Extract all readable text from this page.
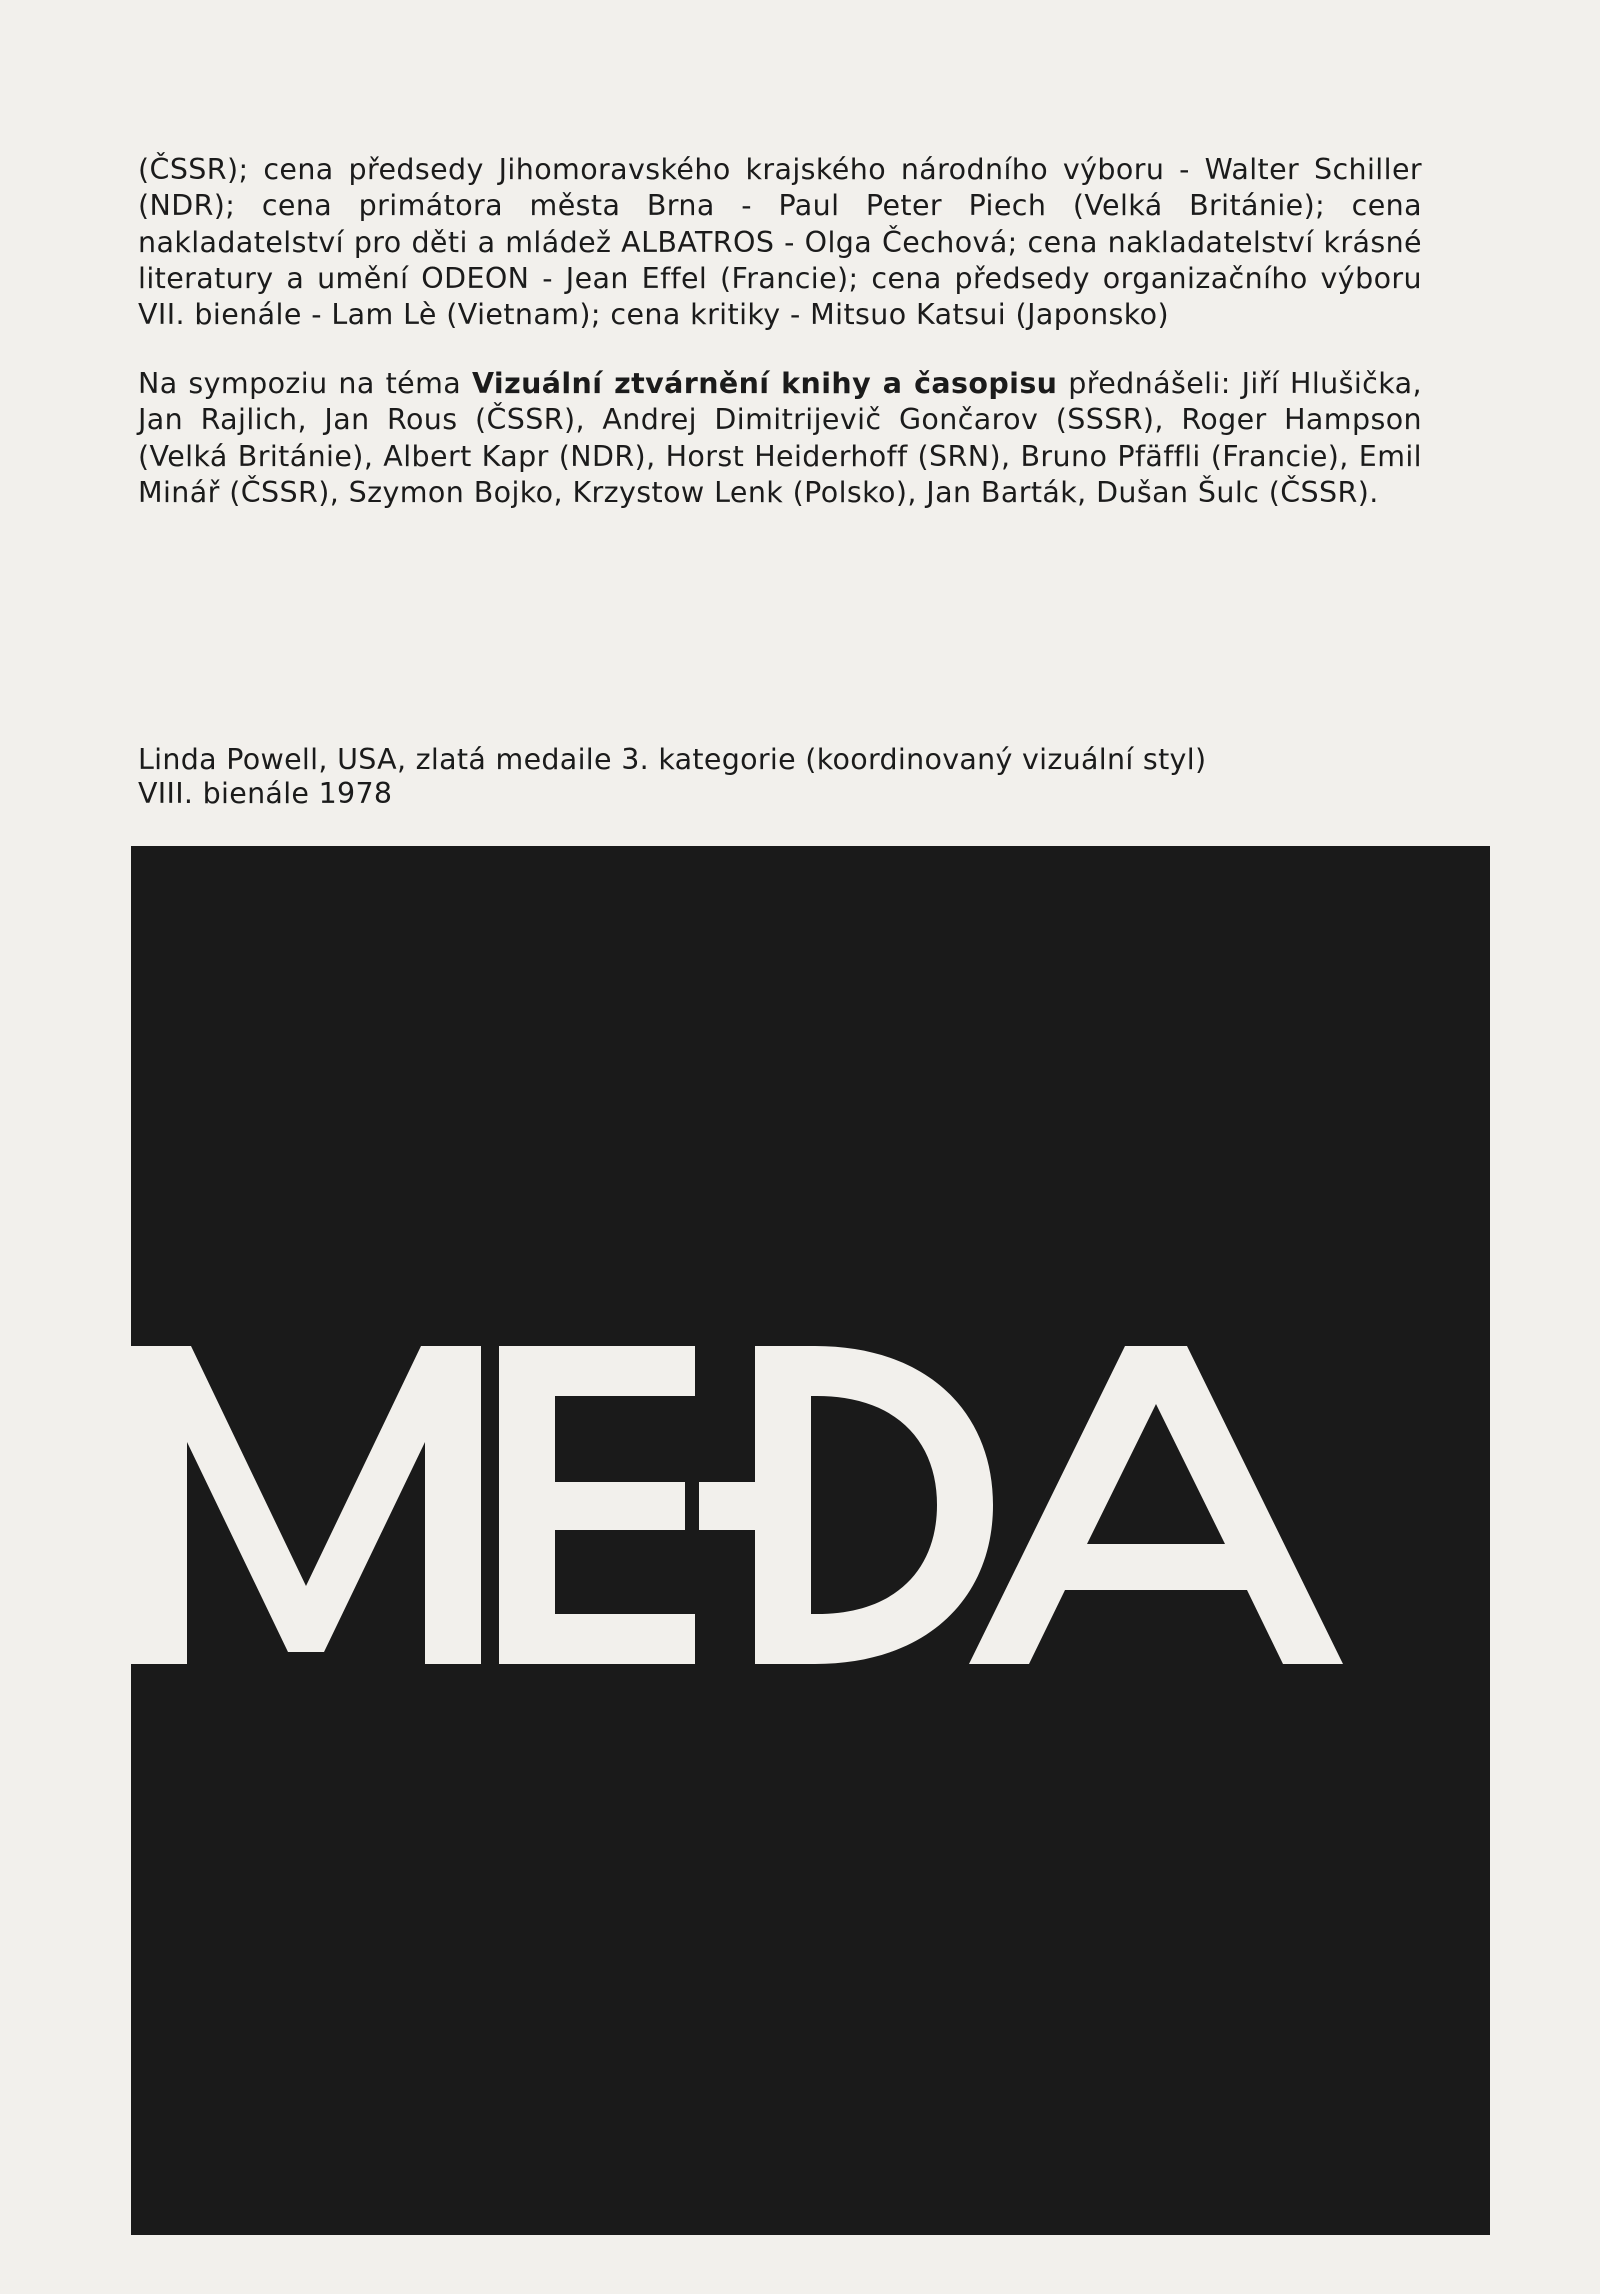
(ČSSR); cena předsedy Jihomoravského krajského národního výboru - Walter Schiller (NDR); cena primátora města Brna - Paul Peter Piech (Velká Británie); cena nakladatelství pro děti a mládež ALBATROS - Olga Čechová; cena nakladatelství krásné literatury a umění ODEON - Jean Effel (Francie); cena předsedy organizačního výboru VII. bienále - Lam Lè (Vietnam); cena kritiky - Mitsuo Katsui (Japonsko)

Na sympoziu na téma Vizuální ztvárnění knihy a časopisu přednášeli: Jiří Hlušička, Jan Rajlich, Jan Rous (ČSSR), Andrej Dimitrijevič Gončarov (SSSR), Roger Hampson (Velká Británie), Albert Kapr (NDR), Horst Heiderhoff (SRN), Bruno Pfäffli (Francie), Emil Minář (ČSSR), Szymon Bojko, Krzystow Lenk (Polsko), Jan Barták, Dušan Šulc (ČSSR).

Linda Powell, USA, zlatá medaile 3. kategorie (koordinovaný vizuální styl)
VIII. bienále 1978
